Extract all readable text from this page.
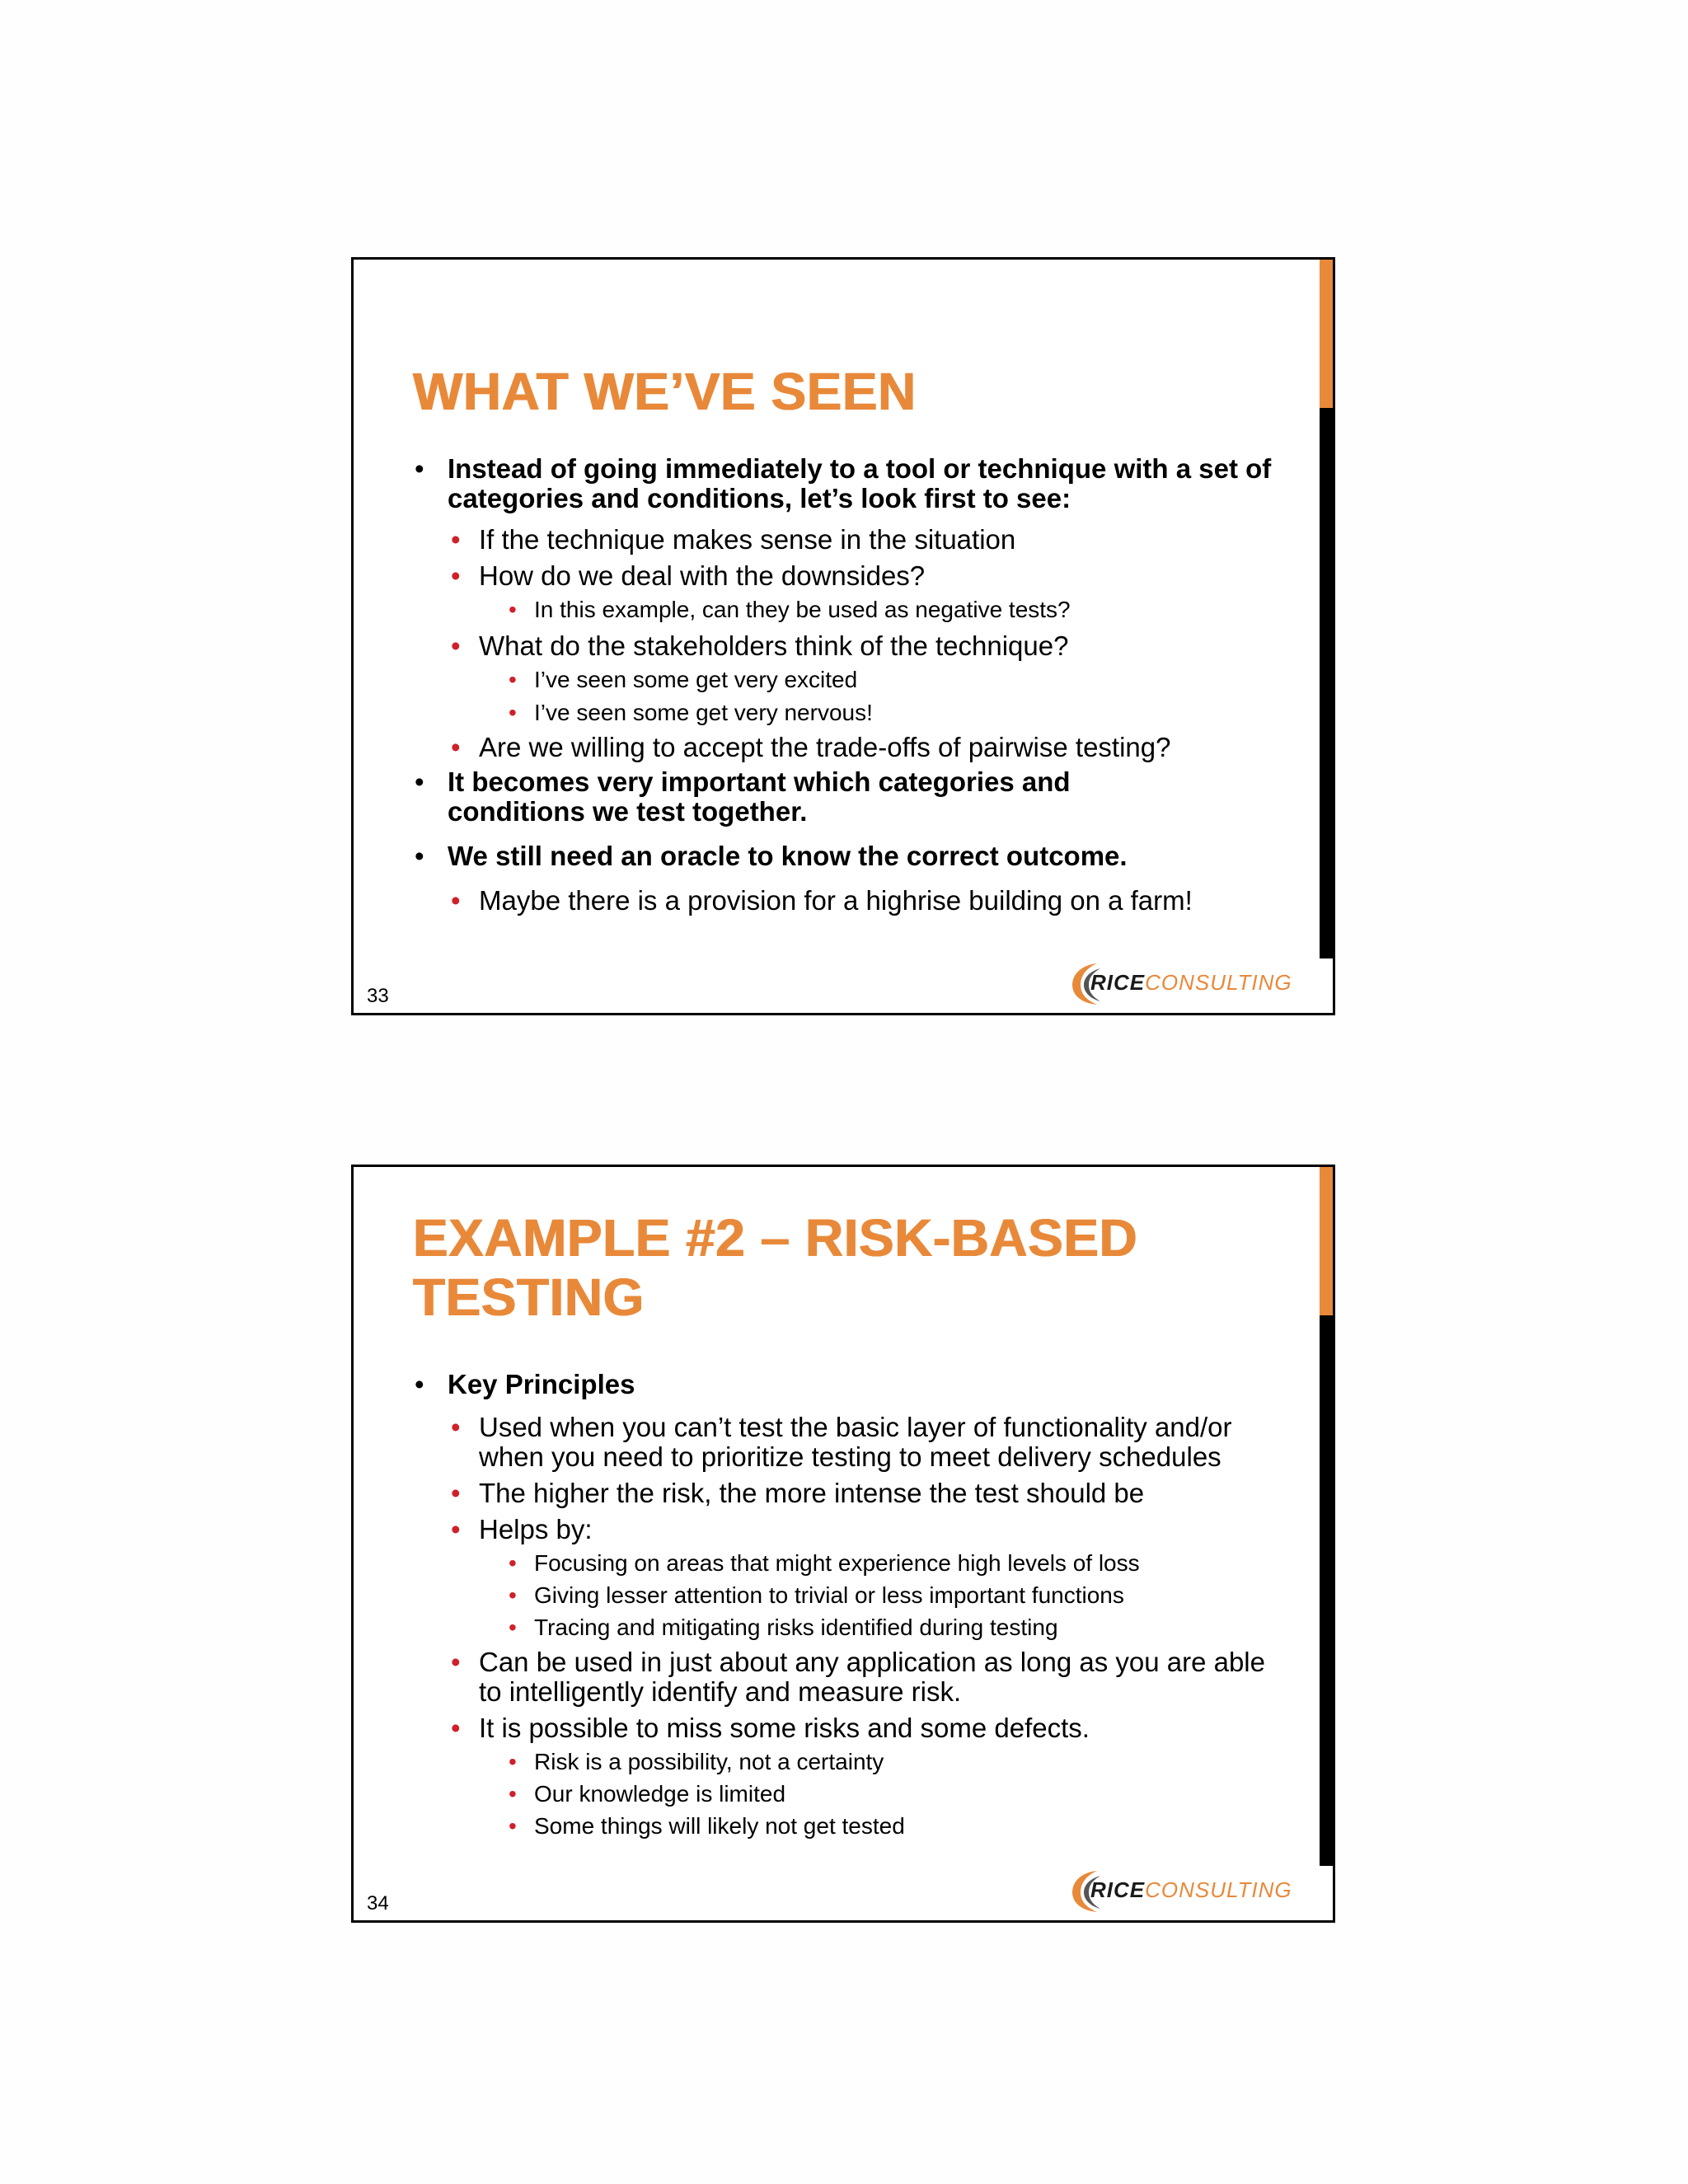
WHAT WE’VE SEEN
• Instead of going immediately to a tool or technique with a set of categories and conditions, let’s look first to see:
• If the technique makes sense in the situation
• How do we deal with the downsides?
• In this example, can they be used as negative tests?
• What do the stakeholders think of the technique?
• I’ve seen some get very excited
• I’ve seen some get very nervous!
• Are we willing to accept the trade-offs of pairwise testing?
• It becomes very important which categories and conditions we test together.
• We still need an oracle to know the correct outcome.
• Maybe there is a provision for a highrise building on a farm!
33
RICECONSULTING
EXAMPLE #2 – RISK-BASED TESTING
• Key Principles
• Used when you can’t test the basic layer of functionality and/or when you need to prioritize testing to meet delivery schedules
• The higher the risk, the more intense the test should be
• Helps by:
• Focusing on areas that might experience high levels of loss
• Giving lesser attention to trivial or less important functions
• Tracing and mitigating risks identified during testing
• Can be used in just about any application as long as you are able to intelligently identify and measure risk.
• It is possible to miss some risks and some defects.
• Risk is a possibility, not a certainty
• Our knowledge is limited
• Some things will likely not get tested
34
RICECONSULTING
